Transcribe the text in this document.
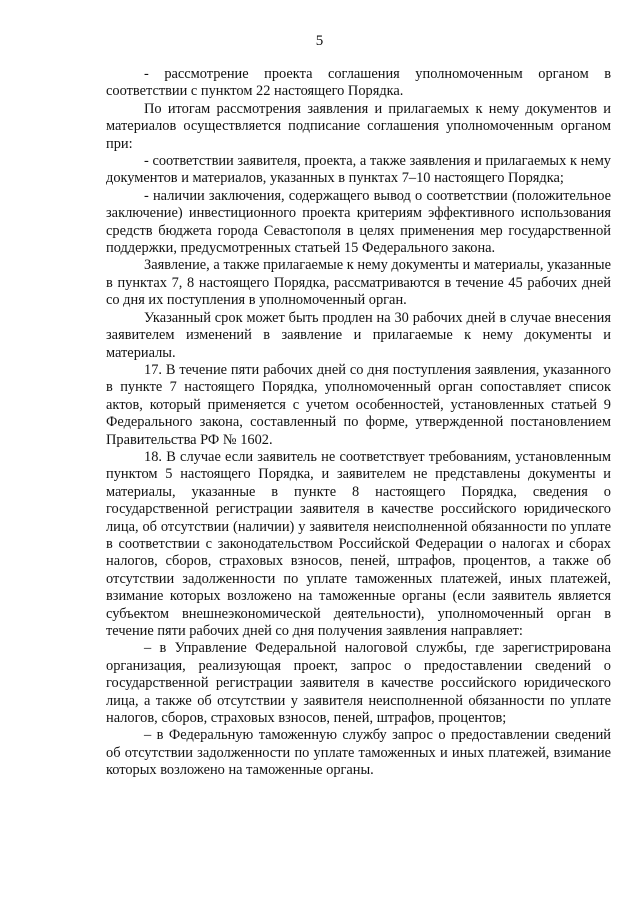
5

- рассмотрение проекта соглашения уполномоченным органом в соответствии с пунктом 22 настоящего Порядка.

По итогам рассмотрения заявления и прилагаемых к нему документов и материалов осуществляется подписание соглашения уполномоченным органом при:

- соответствии заявителя, проекта, а также заявления и прилагаемых к нему документов и материалов, указанных в пунктах 7–10 настоящего Порядка;

- наличии заключения, содержащего вывод о соответствии (положительное заключение) инвестиционного проекта критериям эффективного использования средств бюджета города Севастополя в целях применения мер государственной поддержки, предусмотренных статьей 15 Федерального закона.

Заявление, а также прилагаемые к нему документы и материалы, указанные в пунктах 7, 8 настоящего Порядка, рассматриваются в течение 45 рабочих дней со дня их поступления в уполномоченный орган.

Указанный срок может быть продлен на 30 рабочих дней в случае внесения заявителем изменений в заявление и прилагаемые к нему документы и материалы.

17. В течение пяти рабочих дней со дня поступления заявления, указанного в пункте 7 настоящего Порядка, уполномоченный орган сопоставляет список актов, который применяется с учетом особенностей, установленных статьей 9 Федерального закона, составленный по форме, утвержденной постановлением Правительства РФ № 1602.

18. В случае если заявитель не соответствует требованиям, установленным пунктом 5 настоящего Порядка, и заявителем не представлены документы и материалы, указанные в пункте 8 настоящего Порядка, сведения о государственной регистрации заявителя в качестве российского юридического лица, об отсутствии (наличии) у заявителя неисполненной обязанности по уплате в соответствии с законодательством Российской Федерации о налогах и сборах налогов, сборов, страховых взносов, пеней, штрафов, процентов, а также об отсутствии задолженности по уплате таможенных платежей, иных платежей, взимание которых возложено на таможенные органы (если заявитель является субъектом внешнеэкономической деятельности), уполномоченный орган в течение пяти рабочих дней со дня получения заявления направляет:

– в Управление Федеральной налоговой службы, где зарегистрирована организация, реализующая проект, запрос о предоставлении сведений о государственной регистрации заявителя в качестве российского юридического лица, а также об отсутствии у заявителя неисполненной обязанности по уплате налогов, сборов, страховых взносов, пеней, штрафов, процентов;

– в Федеральную таможенную службу запрос о предоставлении сведений об отсутствии задолженности по уплате таможенных и иных платежей, взимание которых возложено на таможенные органы.
